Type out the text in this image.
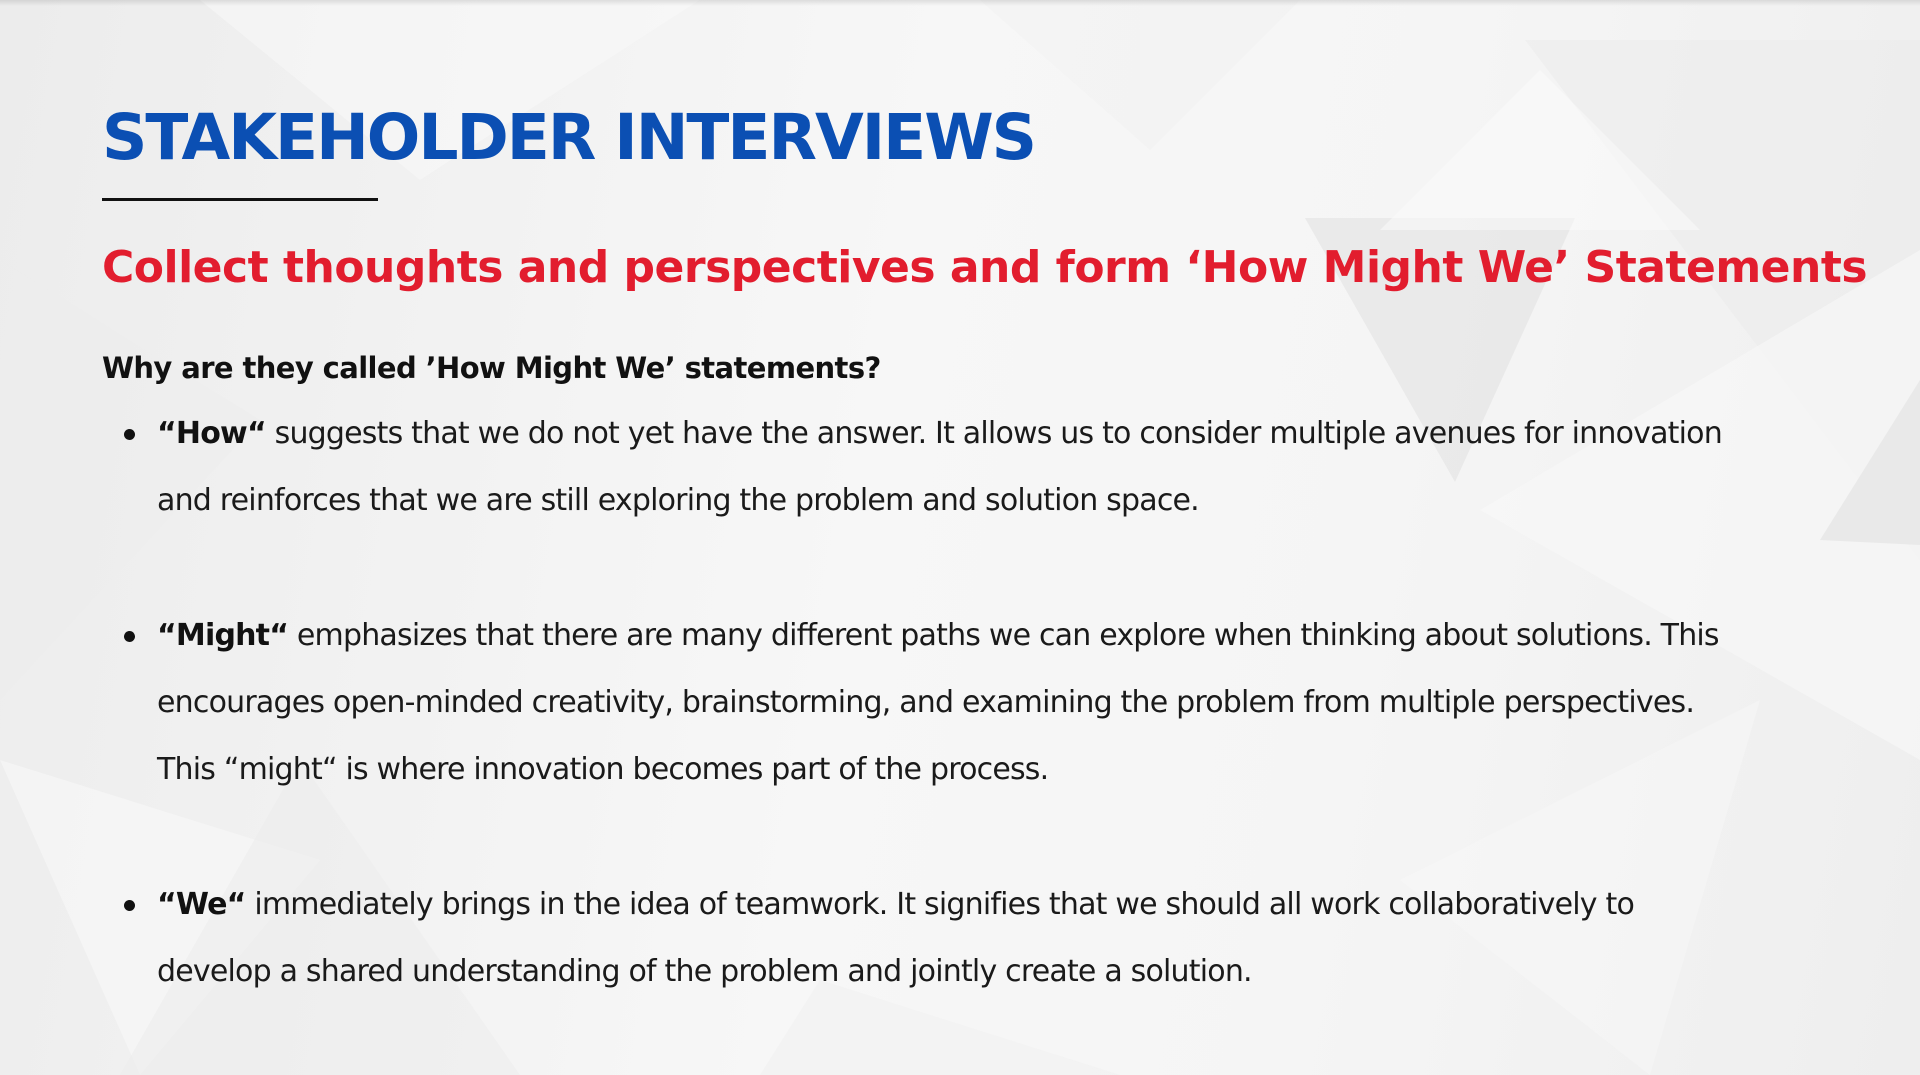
STAKEHOLDER INTERVIEWS
Collect thoughts and perspectives and form ‘How Might We’ Statements

Why are they called ’How Might We’ statements?

“How“ suggests that we do not yet have the answer. It allows us to consider multiple avenues for innovation

and reinforces that we are still exploring the problem and solution space.

“Might“ emphasizes that there are many different paths we can explore when thinking about solutions. This

encourages open-minded creativity, brainstorming, and examining the problem from multiple perspectives.

This “might“ is where innovation becomes part of the process.

“We“ immediately brings in the idea of teamwork. It signifies that we should all work collaboratively to

develop a shared understanding of the problem and jointly create a solution.
